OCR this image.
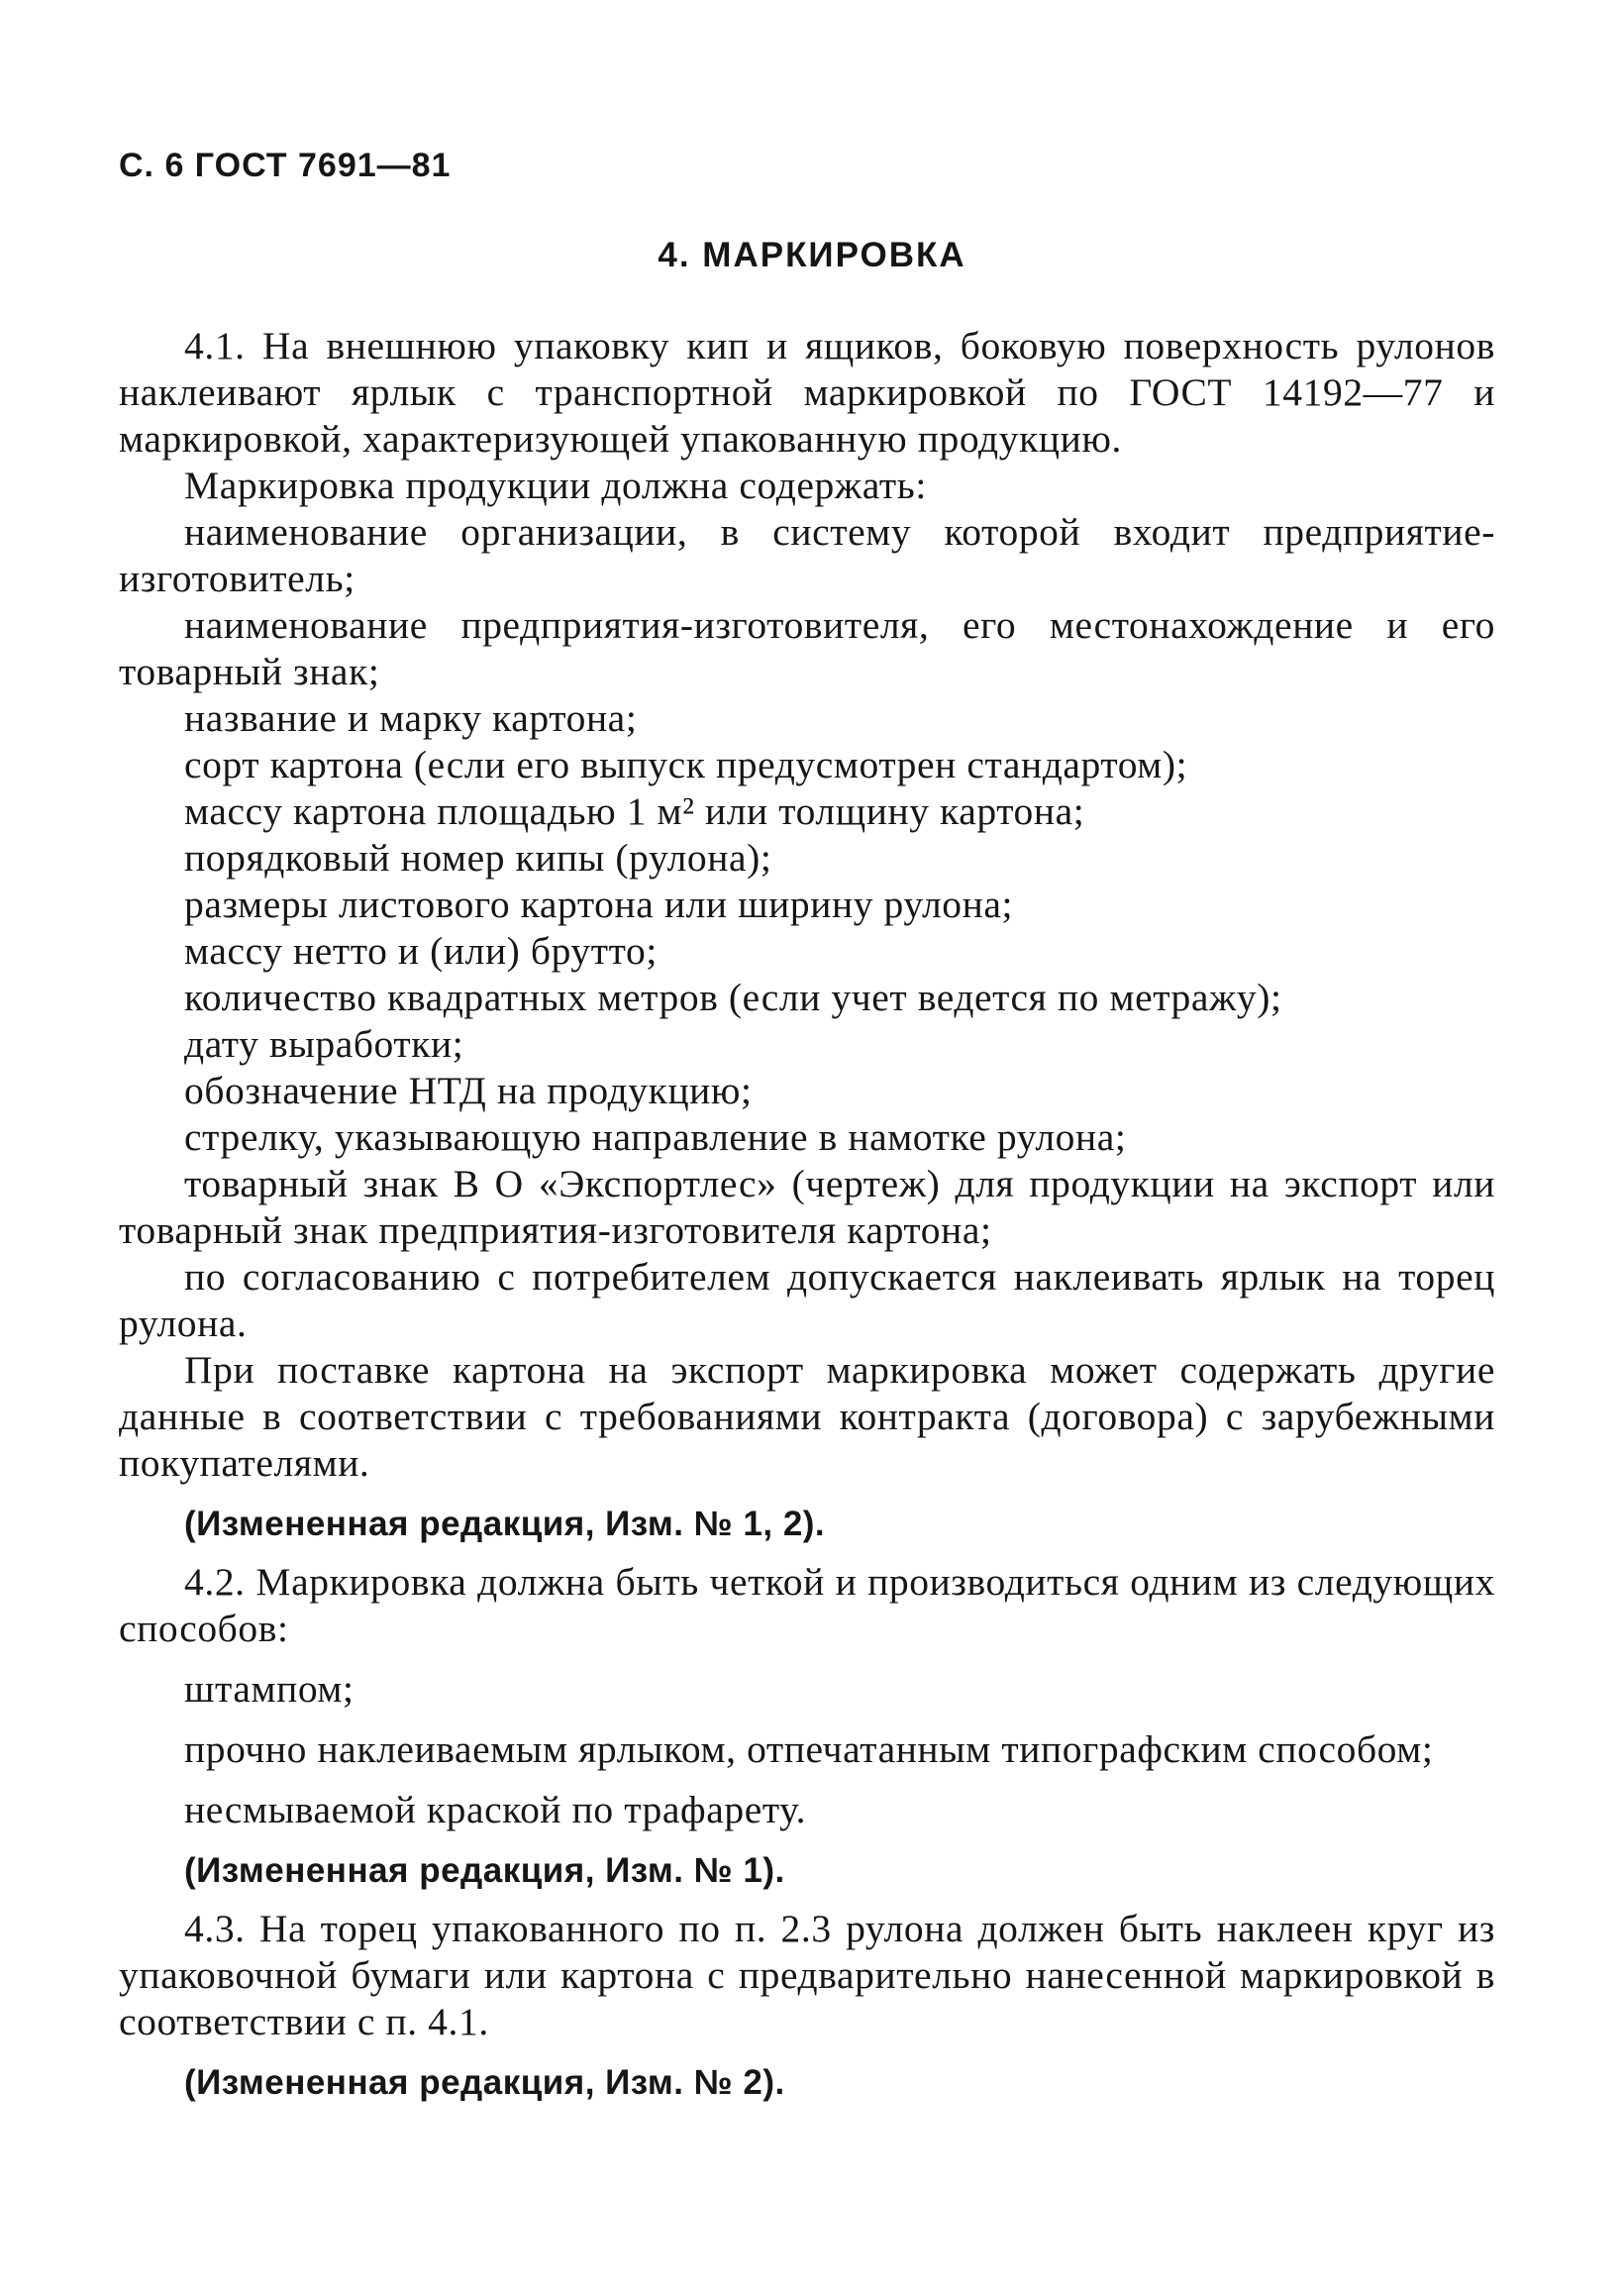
С. 6 ГОСТ 7691—81
4. МАРКИРОВКА

4.1. На внешнюю упаковку кип и ящиков, боковую поверхность рулонов наклеивают ярлык с транспортной маркировкой по ГОСТ 14192—77 и маркировкой, характеризующей упакованную продукцию.

Маркировка продукции должна содержать:

наименование организации, в систему которой входит предприятие-изготовитель;

наименование предприятия-изготовителя, его местонахождение и его товарный знак;

название и марку картона;

сорт картона (если его выпуск предусмотрен стандартом);

массу картона площадью 1 м² или толщину картона;

порядковый номер кипы (рулона);

размеры листового картона или ширину рулона;

массу нетто и (или) брутто;

количество квадратных метров (если учет ведется по метражу);

дату выработки;

обозначение НТД на продукцию;

стрелку, указывающую направление в намотке рулона;

товарный знак В О «Экспортлес» (чертеж) для продукции на экспорт или товарный знак предприятия-изготовителя картона;

по согласованию с потребителем допускается наклеивать ярлык на торец рулона.

При поставке картона на экспорт маркировка может содержать другие данные в соответствии с требованиями контракта (договора) с зарубежными покупателями.

(Измененная редакция, Изм. № 1, 2).

4.2. Маркировка должна быть четкой и производиться одним из следующих способов:

штампом;

прочно наклеиваемым ярлыком, отпечатанным типографским способом;

несмываемой краской по трафарету.

(Измененная редакция, Изм. № 1).

4.3. На торец упакованного по п. 2.3 рулона должен быть наклеен круг из упаковочной бумаги или картона с предварительно нанесенной маркировкой в соответствии с п. 4.1.

(Измененная редакция, Изм. № 2).
